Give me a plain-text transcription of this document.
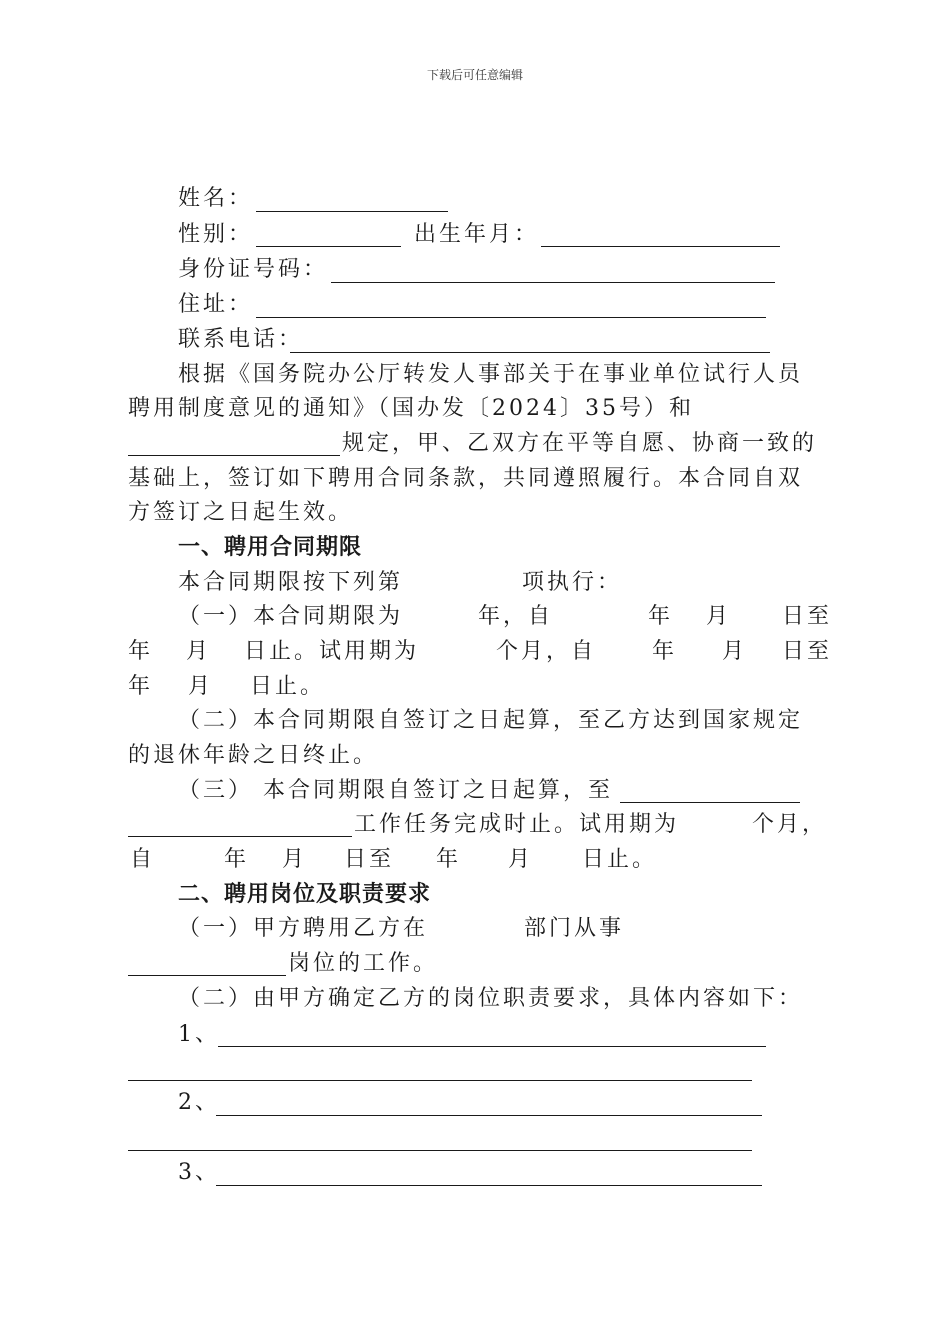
下载后可任意编辑
姓名：
性别：	出生年月：
身份证号码：
住址：
联系电话：
根据《国务院办公厅转发人事部关于在事业单位试行人员
聘用制度意见的通知》（国办发〔2024〕35号）和
规定，甲、乙双方在平等自愿、协商一致的
基础上，签订如下聘用合同条款，共同遵照履行。本合同自双
方签订之日起生效。
一、聘用合同期限
本合同期限按下列第	项执行：
（一）本合同期限为	年，自	年 月 日至
年 月 日止。试用期为	个月，自	年 月 日至
年 月 日止。
（二）本合同期限自签订之日起算，至乙方达到国家规定
的退休年龄之日终止。
（三） 本合同期限自签订之日起算，至
工作任务完成时止。试用期为	个月，
自	年 月 日至 年 月 日止。
二、聘用岗位及职责要求
（一）甲方聘用乙方在	部门从事
岗位的工作。
（二）由甲方确定乙方的岗位职责要求，具体内容如下：
1、
2、
3、
